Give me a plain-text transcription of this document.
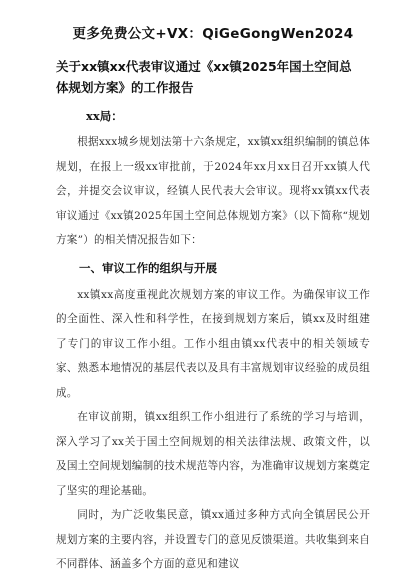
更多免费公文+VX：QiGeGongWen2024
关于xx镇xx代表审议通过《xx镇2025年国土空间总体规划方案》的工作报告
xx局：

根据xxx城乡规划法第十六条规定，xx镇xx组织编制的镇总体规划，在报上一级xx审批前，于2024年xx月xx日召开xx镇人代会，并提交会议审议，经镇人民代表大会审议。现将xx镇xx代表审议通过《xx镇2025年国土空间总体规划方案》（以下简称“规划方案”）的相关情况报告如下：

一、审议工作的组织与开展

xx镇xx高度重视此次规划方案的审议工作。为确保审议工作的全面性、深入性和科学性，在接到规划方案后，镇xx及时组建了专门的审议工作小组。工作小组由镇xx代表中的相关领域专家、熟悉本地情况的基层代表以及具有丰富规划审议经验的成员组成。

在审议前期，镇xx组织工作小组进行了系统的学习与培训，深入学习了xx关于国土空间规划的相关法律法规、政策文件，以及国土空间规划编制的技术规范等内容，为准确审议规划方案奠定了坚实的理论基础。

同时，为广泛收集民意，镇xx通过多种方式向全镇居民公开规划方案的主要内容，并设置专门的意见反馈渠道。共收集到来自不同群体、涵盖多个方面的意见和建议
